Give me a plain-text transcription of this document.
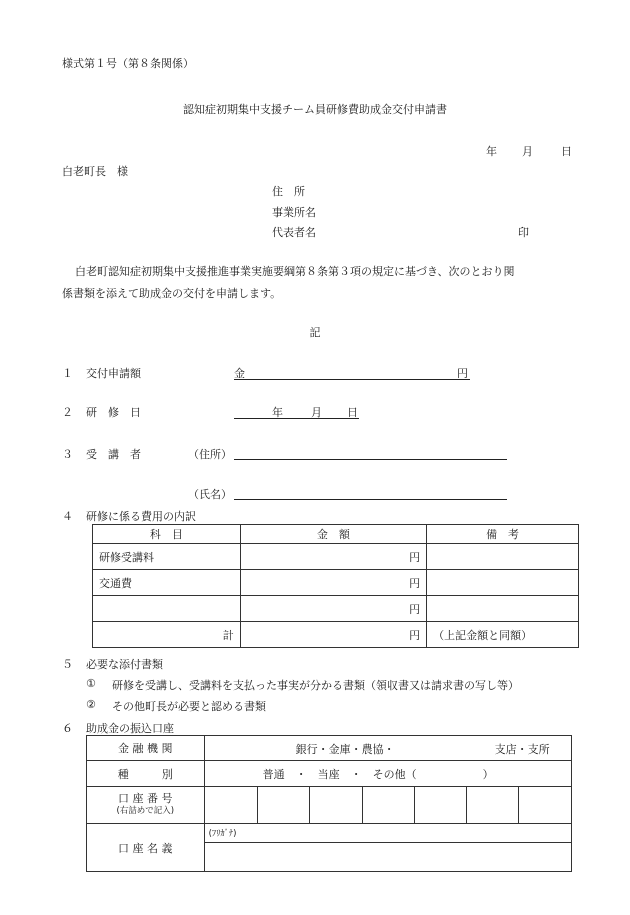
様式第１号（第８条関係）
認知症初期集中支援チーム員研修費助成金交付申請書
年 月	日
白老町長　様
住　所
事業所名
代表者名	印
白老町認知症初期集中支援推進事業実施要綱第８条第３項の規定に基づき、次のとおり関
係書類を添えて助成金の交付を申請します。
記
１ 交付申請額	金	円
２ 研　修　日	年	月 日
３ 受　講　者	（住所）
（氏名）
４ 研修に係る費用の内訳
科　目	金　額	備　考
研修受講料	円	
交通費	円	
	円	
計	円	（上記金額と同額）
５ 必要な添付書類
① 研修を受講し、受講料を支払った事実が分かる書類（領収書又は請求書の写し等）
② その他町長が必要と認める書類
６ 助成金の振込口座
金 融 機 関	銀行・金庫・農協・ 支店・支所						

種　　　別	普通　・　当座　・　その他（　　　　　　）						

口 座 番 号
(右詰めで記入)							

口 座 名 義	(ﾌﾘｶﾞﾅ)						
